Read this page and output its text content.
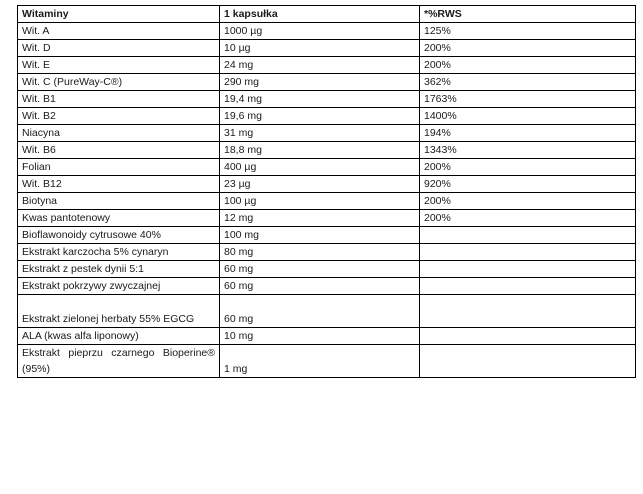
Witaminy	1 kapsułka	*%RWS
Wit. A	1000 µg	125%
Wit. D	10 µg	200%
Wit. E	24 mg	200%
Wit. C (PureWay-C®)	290 mg	362%
Wit. B1	19,4 mg	1763%
Wit. B2	19,6 mg	1400%
Niacyna	31 mg	194%
Wit. B6	18,8 mg	1343%
Folian	400 µg	200%
Wit. B12	23 µg	920%
Biotyna	100 µg	200%
Kwas pantotenowy	12 mg	200%
Bioflawonoidy cytrusowe 40%	100 mg	
Ekstrakt karczocha 5% cynaryn	80 mg	
Ekstrakt z pestek dynii 5:1	60 mg	
Ekstrakt pokrzywy zwyczajnej	60 mg	
Ekstrakt zielonej herbaty 55% EGCG	60 mg	
ALA (kwas alfa liponowy)	10 mg	
Ekstrakt pieprzu czarnego Bioperine® (95%)	1 mg	
